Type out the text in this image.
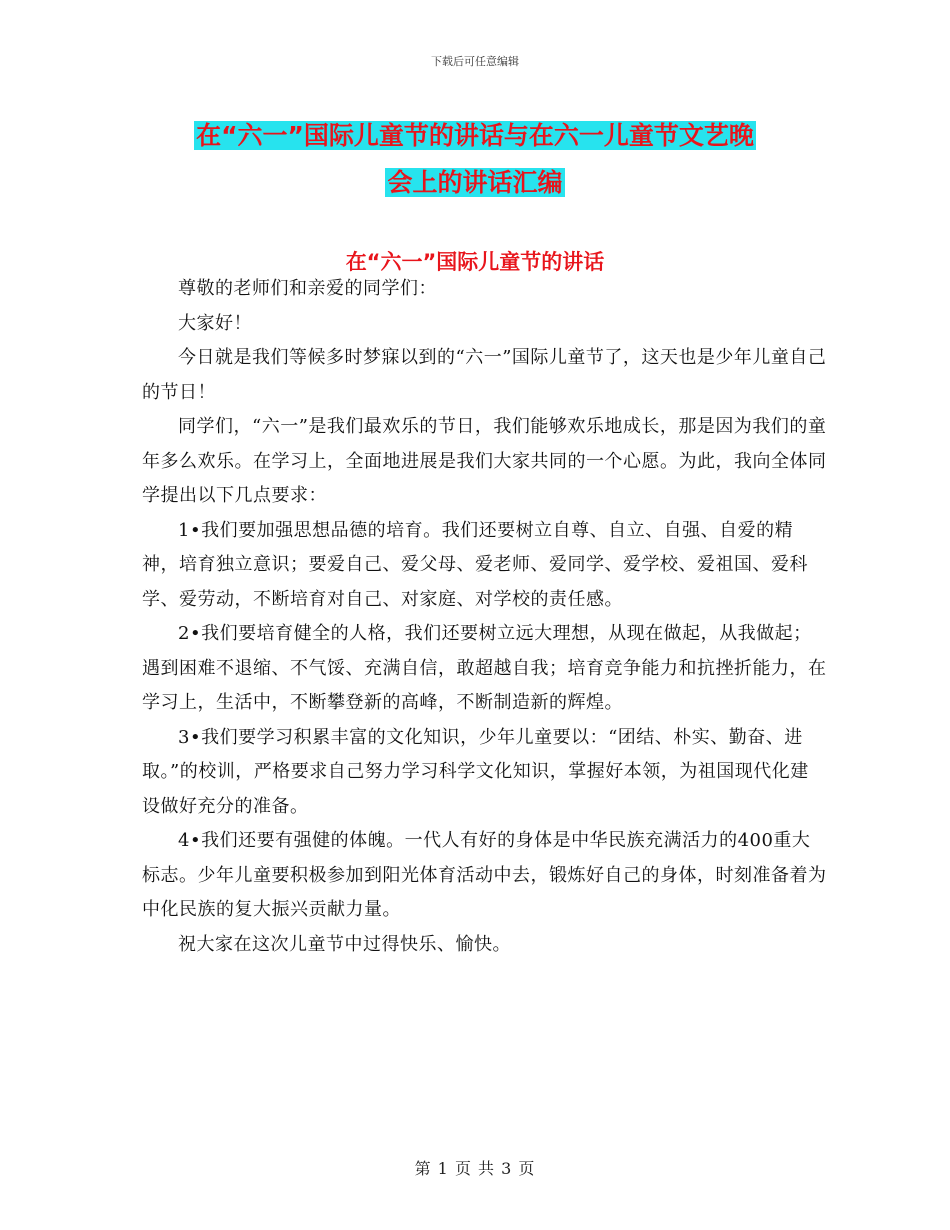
下载后可任意编辑
在“六一”国际儿童节的讲话与在六一儿童节文艺晚
会上的讲话汇编
在“六一”国际儿童节的讲话

尊敬的老师们和亲爱的同学们：

大家好！

今日就是我们等候多时梦寐以到的“六一”国际儿童节了，这天也是少年儿童自己的节日！

同学们，“六一”是我们最欢乐的节日，我们能够欢乐地成长，那是因为我们的童年多么欢乐。在学习上，全面地进展是我们大家共同的一个心愿。为此，我向全体同学提出以下几点要求：

1•我们要加强思想品德的培育。我们还要树立自尊、自立、自强、自爱的精神，培育独立意识；要爱自己、爱父母、爱老师、爱同学、爱学校、爱祖国、爱科学、爱劳动，不断培育对自己、对家庭、对学校的责任感。

2•我们要培育健全的人格，我们还要树立远大理想，从现在做起，从我做起；遇到困难不退缩、不气馁、充满自信，敢超越自我；培育竞争能力和抗挫折能力，在学习上，生活中，不断攀登新的高峰，不断制造新的辉煌。

3•我们要学习积累丰富的文化知识，少年儿童要以：“团结、朴实、勤奋、进取。”的校训，严格要求自己努力学习科学文化知识，掌握好本领，为祖国现代化建设做好充分的准备。

4•我们还要有强健的体魄。一代人有好的身体是中华民族充满活力的400重大标志。少年儿童要积极参加到阳光体育活动中去，锻炼好自己的身体，时刻准备着为中化民族的复大振兴贡献力量。

祝大家在这次儿童节中过得快乐、愉快。

第 1 页 共 3 页
